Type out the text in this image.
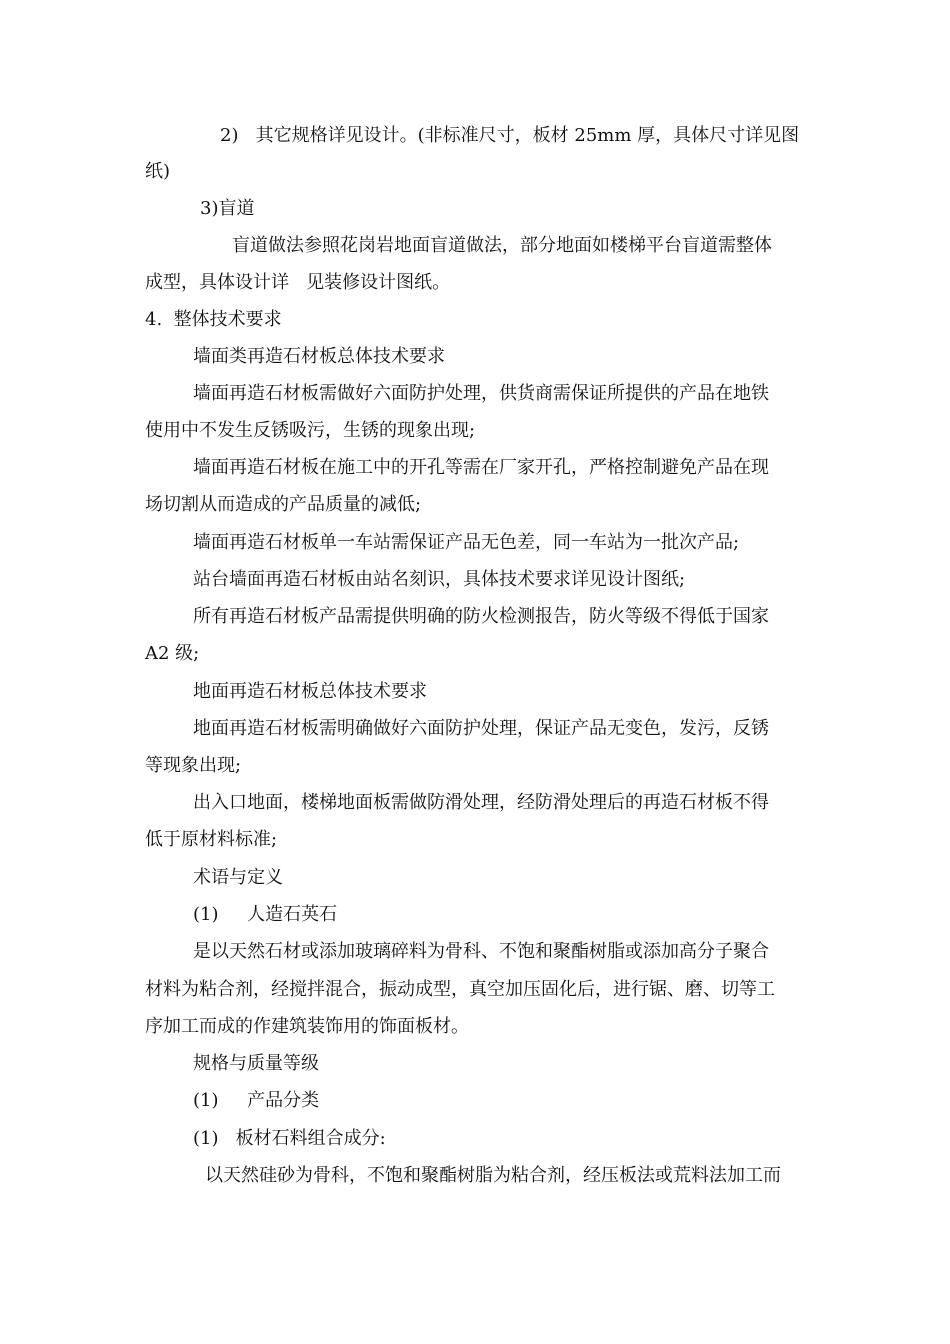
2)   其它规格详见设计。(非标准尺寸，板材 25mm 厚，具体尺寸详见图
纸)
3)盲道
盲道做法参照花岗岩地面盲道做法，部分地面如楼梯平台盲道需整体
成型，具体设计详   见装修设计图纸。
4.  整体技术要求
墙面类再造石材板总体技术要求
墙面再造石材板需做好六面防护处理，供货商需保证所提供的产品在地铁
使用中不发生反锈吸污，生锈的现象出现;
墙面再造石材板在施工中的开孔等需在厂家开孔，严格控制避免产品在现
场切割从而造成的产品质量的减低;
墙面再造石材板单一车站需保证产品无色差，同一车站为一批次产品;
站台墙面再造石材板由站名刻识，具体技术要求详见设计图纸;
所有再造石材板产品需提供明确的防火检测报告，防火等级不得低于国家
A2 级;
地面再造石材板总体技术要求
地面再造石材板需明确做好六面防护处理，保证产品无变色，发污，反锈
等现象出现;
出入口地面，楼梯地面板需做防滑处理，经防滑处理后的再造石材板不得
低于原材料标准;
术语与定义
(1)     人造石英石
是以天然石材或添加玻璃碎料为骨科、不饱和聚酯树脂或添加高分子聚合
材料为粘合剂，经搅拌混合，振动成型，真空加压固化后，进行锯、磨、切等工
序加工而成的作建筑装饰用的饰面板材。
规格与质量等级
(1)     产品分类
(1)   板材石料组合成分:
以天然硅砂为骨科，不饱和聚酯树脂为粘合剂，经压板法或荒料法加工而
